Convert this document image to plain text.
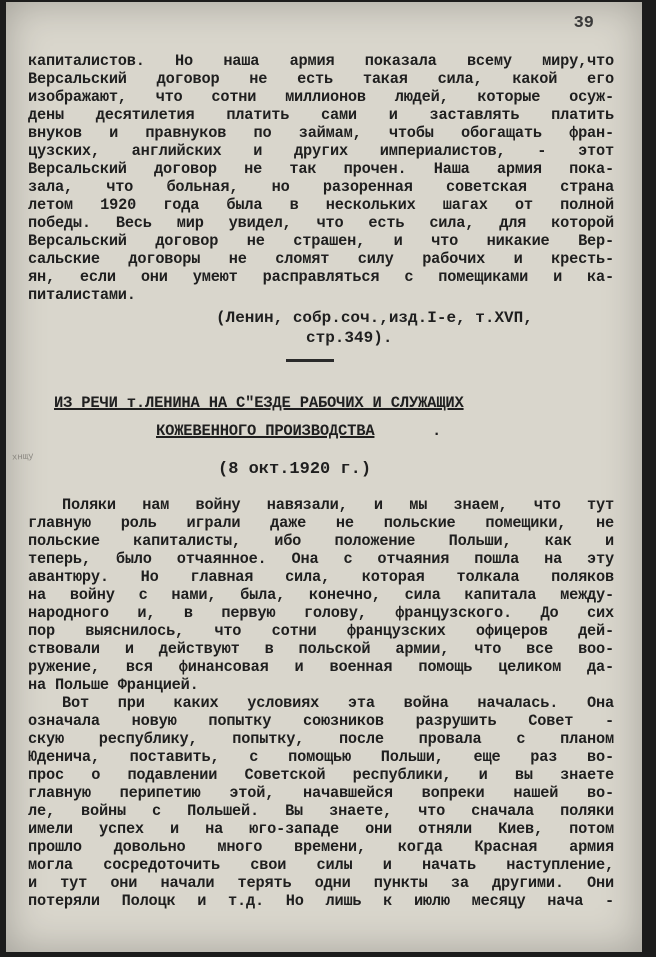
39
хнщу
капиталистов. Но наша армия показала всему миру,что
Версальский договор не есть такая сила, какой его
изображают, что сотни миллионов людей, которые осуж-
дены десятилетия платить сами и заставлять платить
внуков и правнуков по займам, чтобы обогащать фран-
цузских, английских и других империалистов, - этот
Версальский договор не так прочен. Наша армия пока-
зала, что больная, но разоренная советская страна
летом 1920 года была в нескольких шагах от полной
победы. Весь мир увидел, что есть сила, для которой
Версальский договор не страшен, и что никакие Вер-
сальские договоры не сломят силу рабочих и кресть-
ян, если они умеют расправляться с помещиками и ка-
питалистами.
(Ленин, собр.соч.,изд.I-е, т.ХVП,
стр.349).
ИЗ РЕЧИ т.ЛЕНИНА НА С"ЕЗДЕ РАБОЧИХ И СЛУЖАЩИХ
КОЖЕВЕННОГО ПРОИЗВОДСТВА	.
(8 окт.1920 г.)
Поляки нам войну навязали, и мы знаем, что тут
главную роль играли даже не польские помещики, не
польские капиталисты, ибо положение Польши, как и
теперь, было отчаянное. Она с отчаяния пошла на эту
авантюру. Но главная сила, которая толкала поляков
на войну с нами, была, конечно, сила капитала между-
народного и, в первую голову, французского. До сих
пор выяснилось, что сотни французских офицеров дей-
ствовали и действуют в польской армии, что все воо-
ружение, вся финансовая и военная помощь целиком да-
на Польше Францией.
Вот при каких условиях эта война началась. Она
означала новую попытку союзников разрушить Совет -
скую республику, попытку, после провала с планом
Юденича, поставить, с помощью Польши, еще раз во-
прос о подавлении Советской республики, и вы знаете
главную перипетию этой, начавшейся вопреки нашей во-
ле, войны с Польшей. Вы знаете, что сначала поляки
имели успех и на юго-западе они отняли Киев, потом
прошло довольно много времени, когда Красная армия
могла сосредоточить свои силы и начать наступление,
и тут они начали терять одни пункты за другими. Они
потеряли Полоцк и т.д. Но лишь к июлю месяцу нача -
